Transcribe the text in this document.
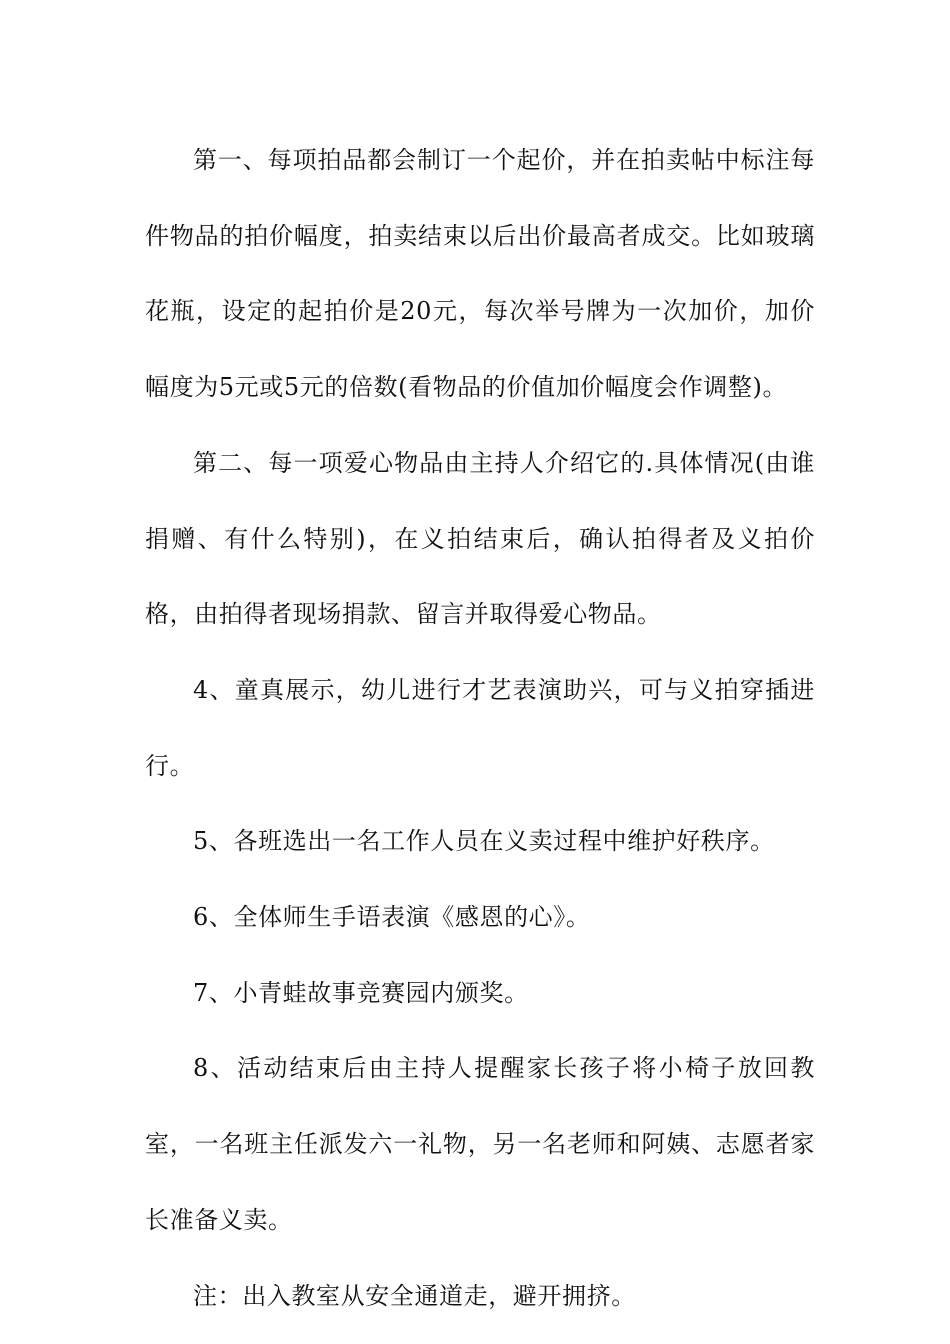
第一、每项拍品都会制订一个起价，并在拍卖帖中标注每件物品的拍价幅度，拍卖结束以后出价最高者成交。比如玻璃花瓶，设定的起拍价是20元，每次举号牌为一次加价，加价幅度为5元或5元的倍数(看物品的价值加价幅度会作调整)。

第二、每一项爱心物品由主持人介绍它的.具体情况(由谁捐赠、有什么特别)，在义拍结束后，确认拍得者及义拍价格，由拍得者现场捐款、留言并取得爱心物品。

4、童真展示，幼儿进行才艺表演助兴，可与义拍穿插进行。

5、各班选出一名工作人员在义卖过程中维护好秩序。

6、全体师生手语表演《感恩的心》。

7、小青蛙故事竞赛园内颁奖。

8、活动结束后由主持人提醒家长孩子将小椅子放回教室，一名班主任派发六一礼物，另一名老师和阿姨、志愿者家长准备义卖。

注：出入教室从安全通道走，避开拥挤。
